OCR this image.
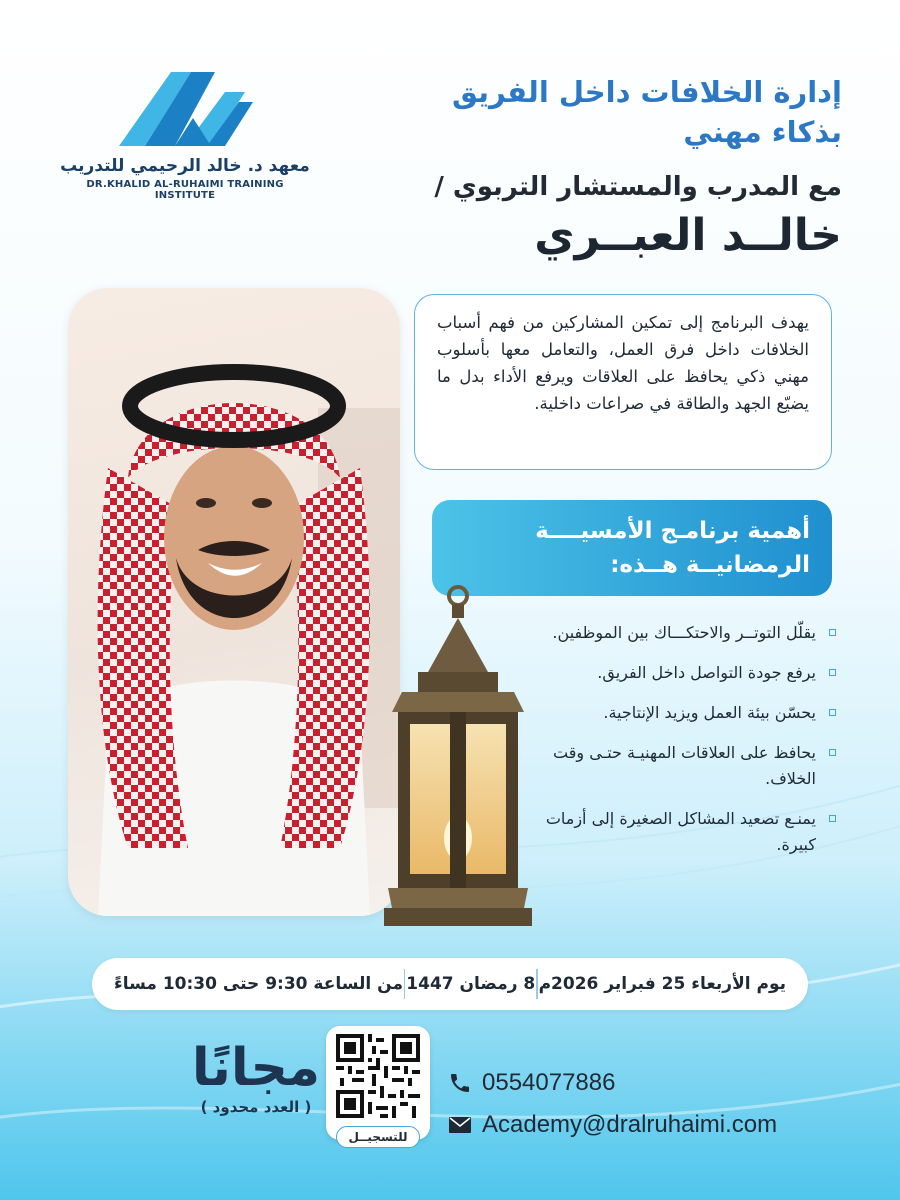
معهد د. خالد الرحيمي للتدريب
DR.KHALID AL-RUHAIMI TRAINING INSTITUTE
إدارة الخلافات داخل الفريق
بذكاء مهني
مع المدرب والمستشار التربوي /
خالــد العبــري
يهدف البرنامج إلى تمكين المشاركين من فهم أسباب الخلافات داخل فرق العمل، والتعامل معها بأسلوب مهني ذكي يحافظ على العلاقات ويرفع الأداء بدل ما يضيّع الجهد والطاقة في صراعات داخلية.
أهمية برنامـج الأمسيــــة
الرمضانيــة هــذه:
يقلّل التوتــر والاحتكـــاك بين الموظفين.
يرفع جودة التواصل داخل الفريق.
يحسّن بيئة العمل ويزيد الإنتاجية.
يحافظ على العلاقات المهنيـة حتـى وقت الخلاف.
يمنـع تصعيد المشاكل الصغيرة إلى أزمات كبيرة.
من الساعة 9:30 حتى 10:30 مساءً 8 رمضان 1447 يوم الأربعاء 25 فبراير 2026م
مجانًا
( العدد محدود )
للتسجيــل
0554077886
Academy@dralruhaimi.com
